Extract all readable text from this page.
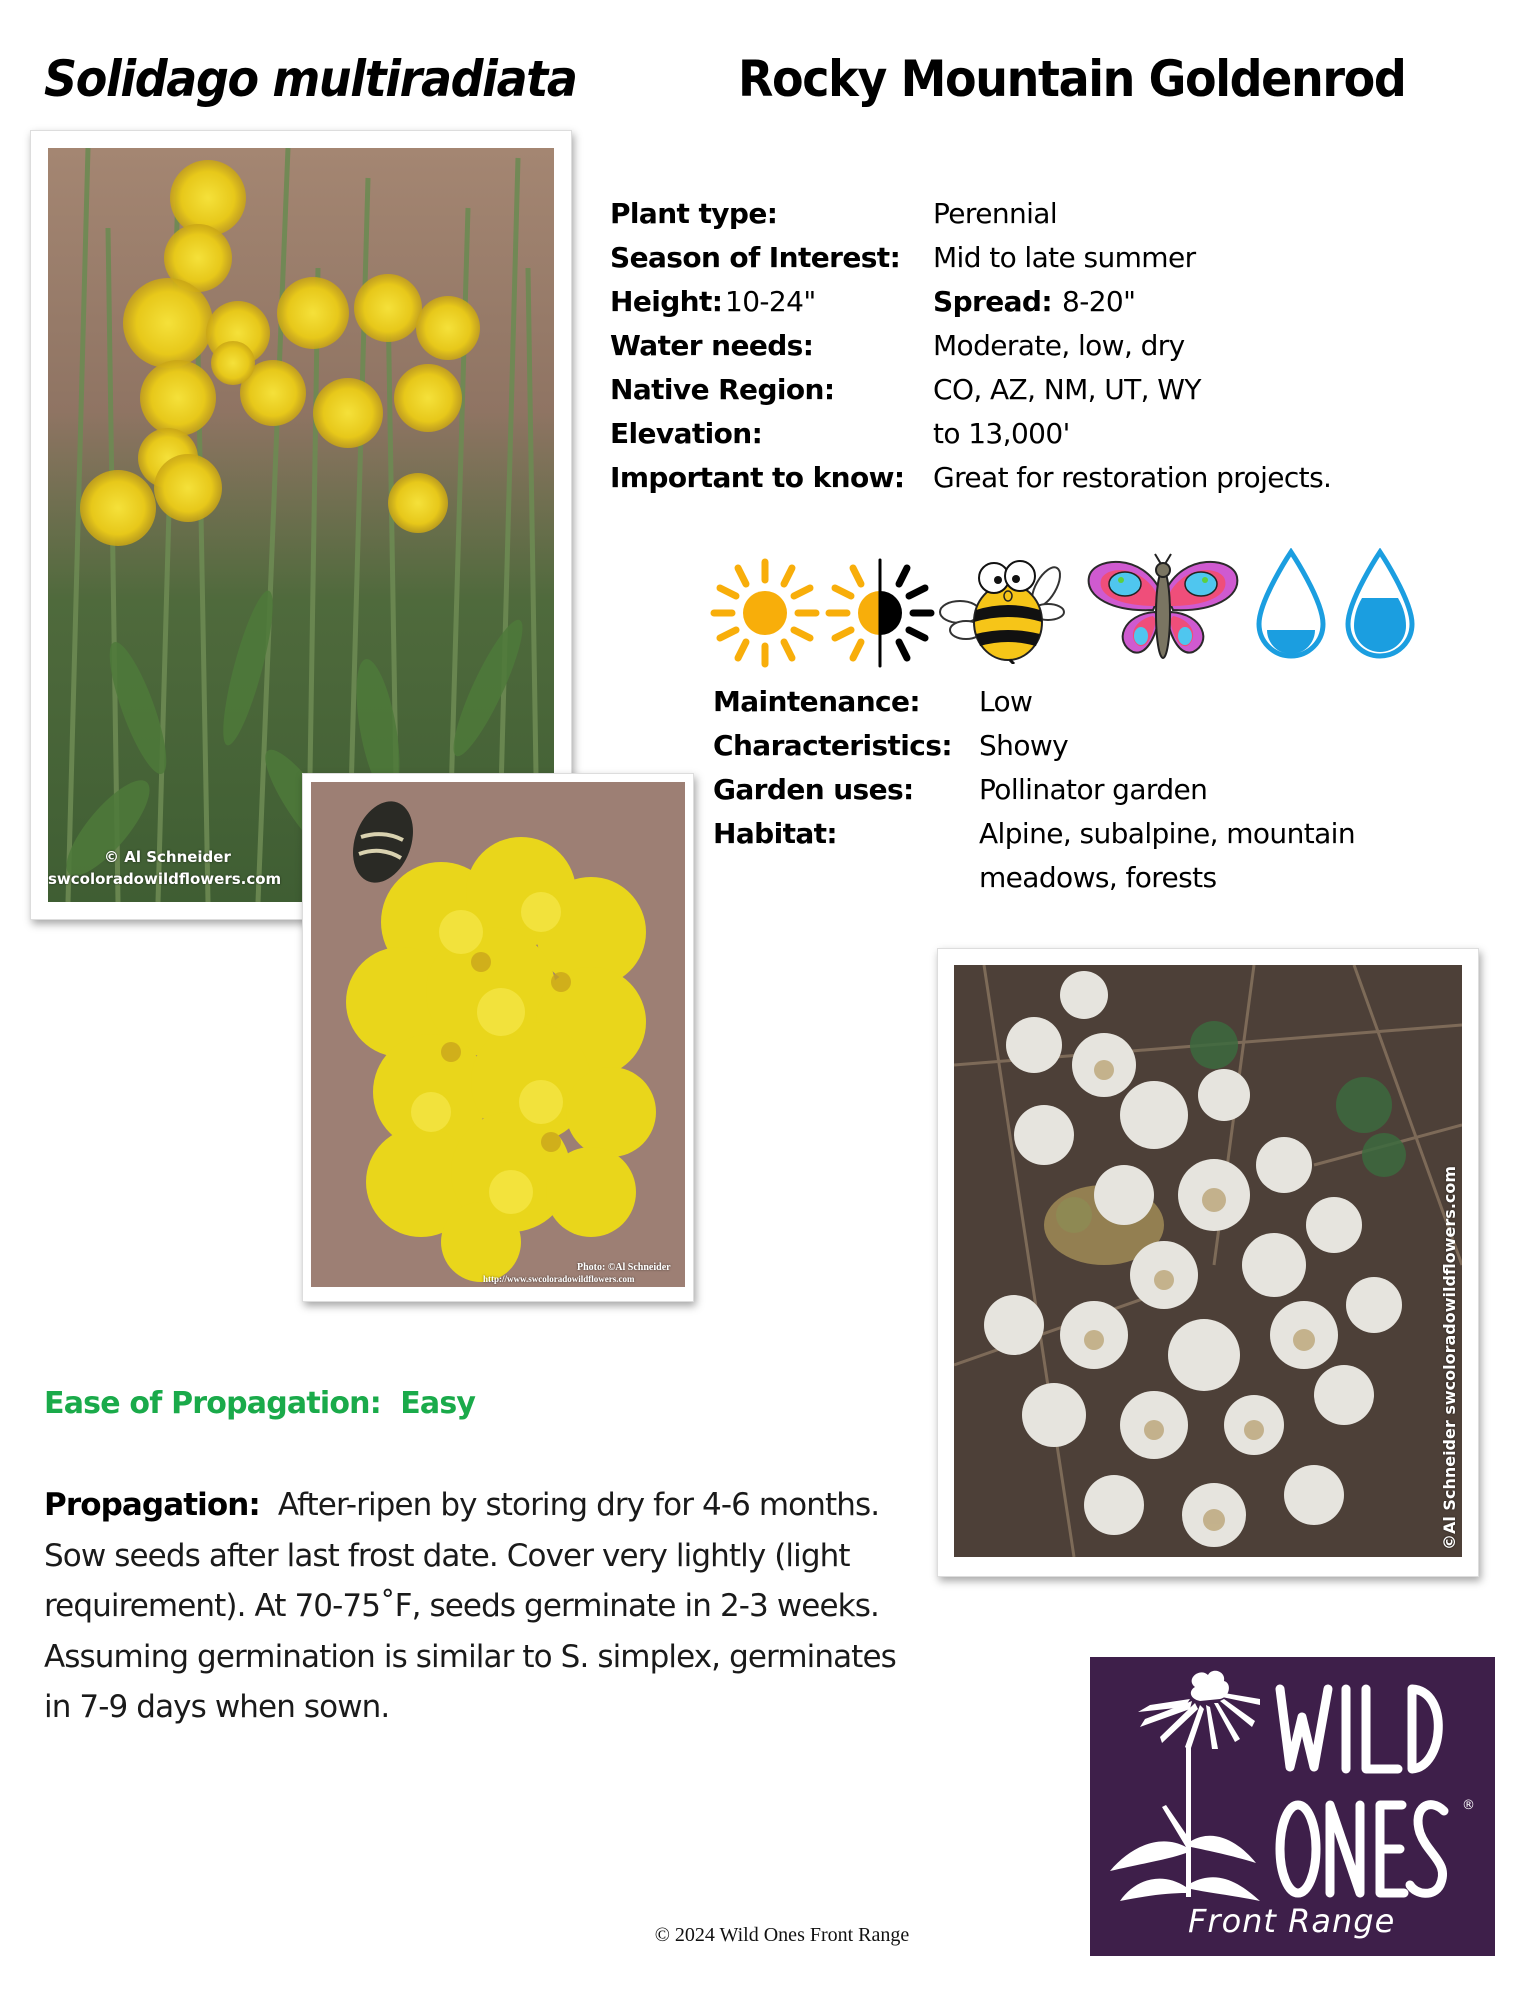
Solidago multiradiata	Rocky Mountain Goldenrod
© Al Schneider
swcoloradowildflowers.com
Photo: ©Al Schneider
http://www.swcoloradowildflowers.com
Plant type:	Perennial
Season of Interest: Mid to late summer
Height: 10-24"	Spread: 8-20"
Water needs:	Moderate, low, dry
Native Region:	CO, AZ, NM, UT, WY
Elevation:	to 13,000'
Important to know: Great for restoration projects.
Maintenance: Low
Characteristics: Showy
Garden uses: Pollinator garden
Habitat:	Alpine, subalpine, mountain
meadows, forests
©Al Schneider swcoloradowildflowers.com
Ease of Propagation: Easy
Propagation: After-ripen by storing dry for 4-6 months. Sow seeds after last frost date. Cover very lightly (light requirement). At 70-75˚F, seeds germinate in 2-3 weeks. Assuming germination is similar to S. simplex, germinates in 7-9 days when sown.
®
Front Range
© 2024 Wild Ones Front Range
